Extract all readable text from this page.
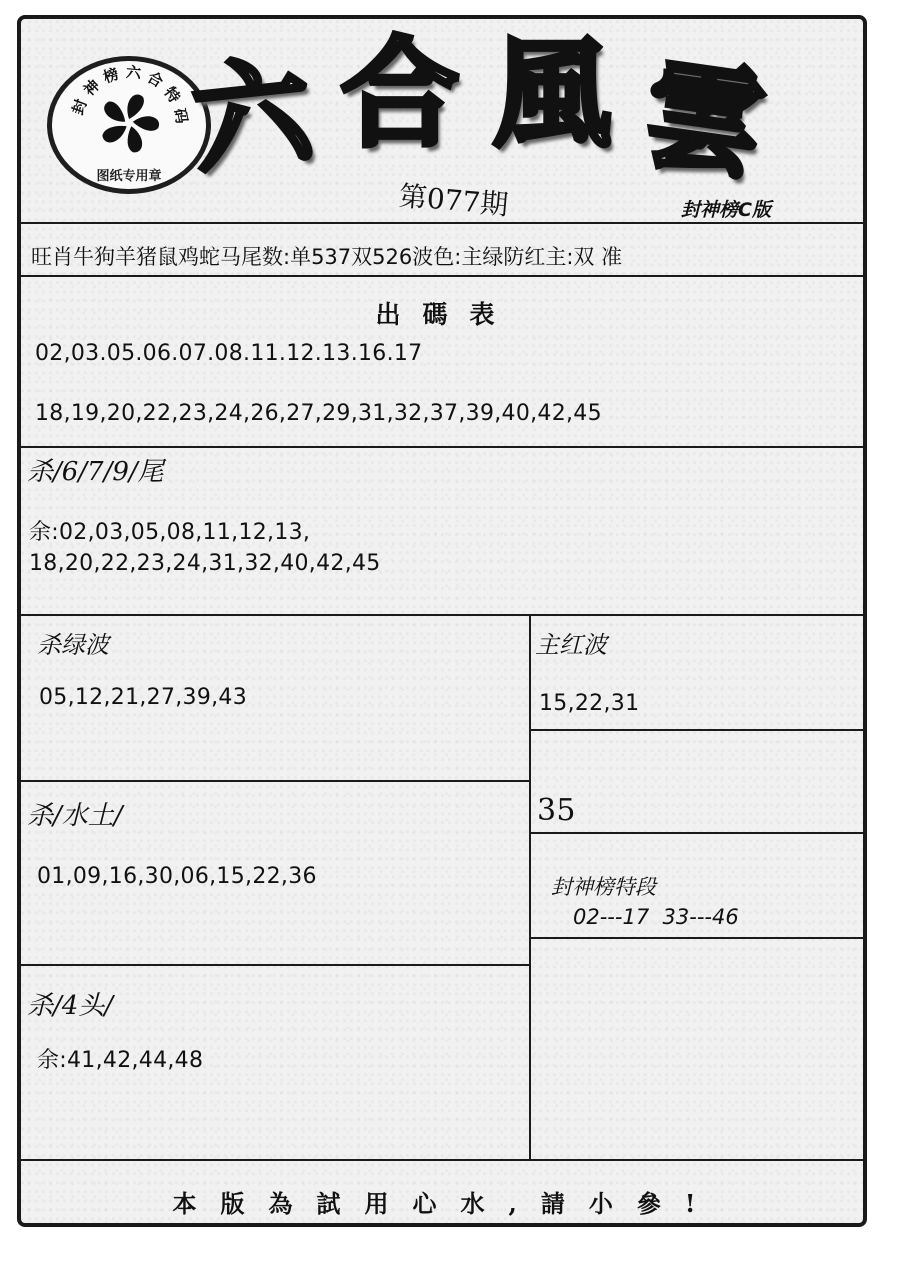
封
神
榜 六 合
特
码
图纸专用章 六 合 風 雲
第077期	封神榜C版
旺肖牛狗羊猪鼠鸡蛇马尾数:单537双526波色:主绿防红主:双 准
出碼表
02,03.05.06.07.08.11.12.13.16.17
18,19,20,22,23,24,26,27,29,31,32,37,39,40,42,45
杀/6/7/9/尾
余:02,03,05,08,11,12,13,
18,20,22,23,24,31,32,40,42,45
杀绿波
05,12,21,27,39,43
主红波
15,22,31
杀/水土/
01,09,16,30,06,15,22,36
35
封神榜特段
02---17  33---46
杀/4头/
余:41,42,44,48
本版為試用心水,請小參!
